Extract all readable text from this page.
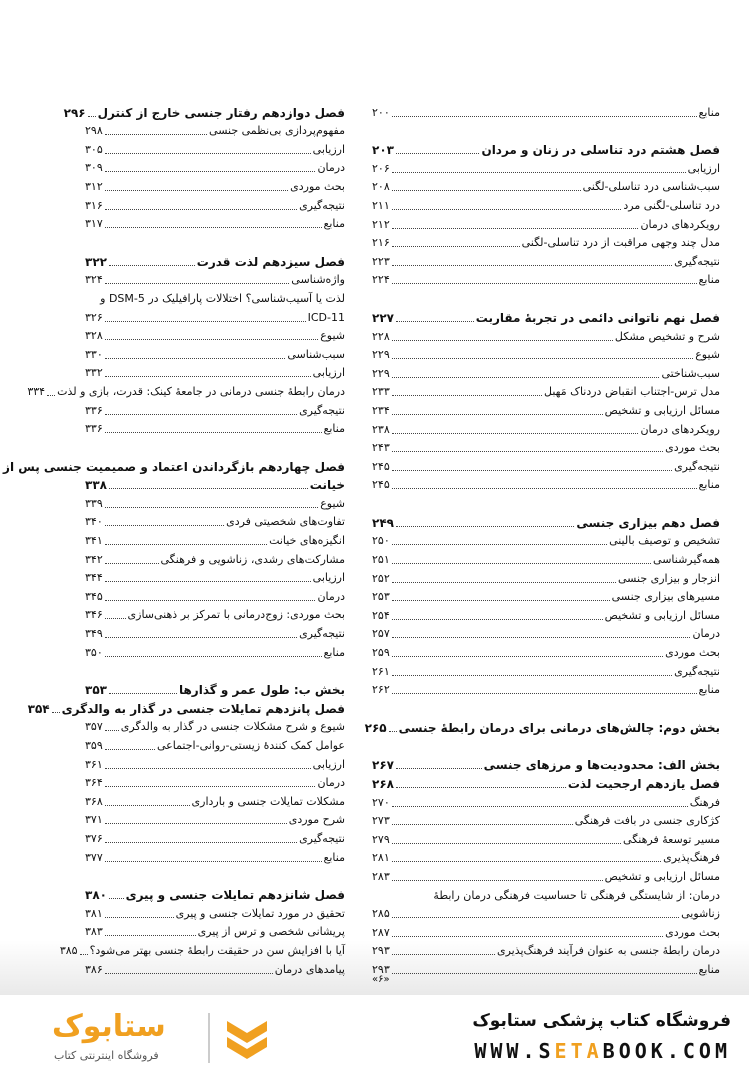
منابع
۲۰۰
فصل هشتم درد تناسلی در زنان و مردان
۲۰۳
ارزیابی
۲۰۶
سبب‌شناسی درد تناسلی-لگنی
۲۰۸
درد تناسلی-لگنی مرد
۲۱۱
رویکردهای درمان
۲۱۲
مدل چند وجهی مراقبت از درد تناسلی-لگنی
۲۱۶
نتیجه‌گیری
۲۲۳
منابع
۲۲۴
فصل نهم ناتوانی دائمی در تجربهٔ مقاربت
۲۲۷
شرح و تشخیص مشکل
۲۲۸
شیوع
۲۲۹
سبب‌شناختی
۲۲۹
مدل ترس-اجتناب انقباض دردناک مَهبل
۲۳۳
مسائل ارزیابی و تشخیص
۲۳۴
رویکردهای درمان
۲۳۸
بحث موردی
۲۴۳
نتیجه‌گیری
۲۴۵
منابع
۲۴۵
فصل دهم بیزاری جنسی
۲۴۹
تشخیص و توصیف بالینی
۲۵۰
همه‌گیرشناسی
۲۵۱
انزجار و بیزاری جنسی
۲۵۲
مسیرهای بیزاری جنسی
۲۵۳
مسائل ارزیابی و تشخیص
۲۵۴
درمان
۲۵۷
بحث موردی
۲۵۹
نتیجه‌گیری
۲۶۱
منابع
۲۶۲
بخش دوم: چالش‌های درمانی برای درمان رابطهٔ جنسی
۲۶۵
بخش الف: محدودیت‌ها و مرزهای جنسی
۲۶۷
فصل یازدهم ارجحیت لذت
۲۶۸
فرهنگ
۲۷۰
کژکاری جنسی در بافت فرهنگی
۲۷۳
مسیر توسعهٔ فرهنگی
۲۷۹
فرهنگ‌پذیری
۲۸۱
مسائل ارزیابی و تشخیص
۲۸۳
درمان: از شایستگی فرهنگی تا حساسیت فرهنگی درمان رابطهٔ
زناشویی
۲۸۵
بحث موردی
۲۸۷
درمان رابطهٔ جنسی به عنوان فرآیند فرهنگ‌پذیری
۲۹۳
منابع
۲۹۳
فصل دوازدهم رفتار جنسی خارج از کنترل
۲۹۶
مفهوم‌پردازی بی‌نظمی جنسی
۲۹۸
ارزیابی
۳۰۵
درمان
۳۰۹
بحث موردی
۳۱۲
نتیجه‌گیری
۳۱۶
منابع
۳۱۷
فصل سیزدهم لذت قدرت
۳۲۲
واژه‌شناسی
۳۲۴
لذت یا آسیب‌شناسی؟ اختلالات پارافیلیک در DSM-5 و
ICD-11
۳۲۶
شیوع
۳۲۸
سبب‌شناسی
۳۳۰
ارزیابی
۳۳۲
درمان رابطهٔ جنسی درمانی در جامعهٔ کینک: قدرت، بازی و لذت
۳۳۴
نتیجه‌گیری
۳۳۶
منابع
۳۳۶
فصل چهاردهم بازگرداندن اعتماد و صمیمیت جنسی پس از
خیانت
۳۳۸
شیوع
۳۳۹
تفاوت‌های شخصیتی فردی
۳۴۰
انگیزه‌های خیانت
۳۴۱
مشارکت‌های رشدی، زناشویی و فرهنگی
۳۴۲
ارزیابی
۳۴۴
درمان
۳۴۵
بحث موردی: زوج‌درمانی با تمرکز بر ذهنی‌سازی
۳۴۶
نتیجه‌گیری
۳۴۹
منابع
۳۵۰
بخش ب: طول عمر و گذارها
۳۵۳
فصل پانزدهم تمایلات جنسی در گذار به والدگری
۳۵۴
شیوع و شرح مشکلات جنسی در گذار به والدگری
۳۵۷
عوامل کمک کنندهٔ زیستی-روانی-اجتماعی
۳۵۹
ارزیابی
۳۶۱
درمان
۳۶۴
مشکلات تمایلات جنسی و بارداری
۳۶۸
شرح موردی
۳۷۱
نتیجه‌گیری
۳۷۶
منابع
۳۷۷
فصل شانزدهم تمایلات جنسی و پیری
۳۸۰
تحقیق در مورد تمایلات جنسی و پیری
۳۸۱
پریشانی شخصی و ترس از پیری
۳۸۳
آیا با افزایش سن در حقیقت رابطهٔ جنسی بهتر می‌شود؟
۳۸۵
پیامدهای درمان
۳۸۶
«۶»
ستابوک
فروشگاه اینترنتی کتاب
فروشگاه کتاب پزشکی ستابوک
WWW.SETABOOK.COM
